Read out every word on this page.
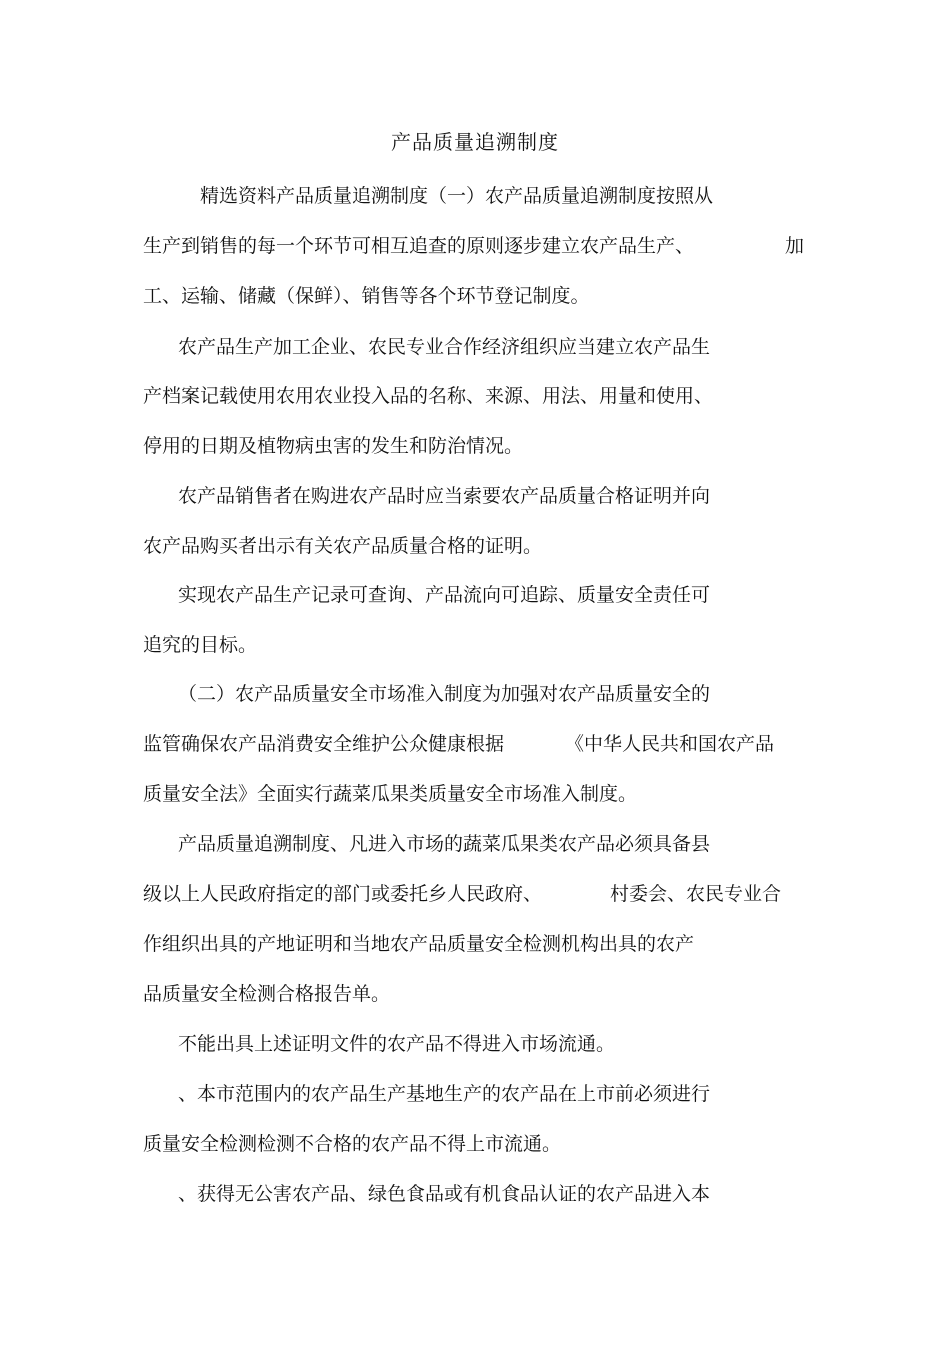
产品质量追溯制度
精选资料产品质量追溯制度（一）农产品质量追溯制度按照从
生产到销售的每一个环节可相互追查的原则逐步建立农产品生产、	加
工、运输、储藏（保鲜）、销售等各个环节登记制度。
农产品生产加工企业、农民专业合作经济组织应当建立农产品生
产档案记载使用农用农业投入品的名称、来源、用法、用量和使用、
停用的日期及植物病虫害的发生和防治情况。
农产品销售者在购进农产品时应当索要农产品质量合格证明并向
农产品购买者出示有关农产品质量合格的证明。
实现农产品生产记录可查询、产品流向可追踪、质量安全责任可
追究的目标。
（二）农产品质量安全市场准入制度为加强对农产品质量安全的
监管确保农产品消费安全维护公众健康根据	《中华人民共和国农产品
质量安全法》全面实行蔬菜瓜果类质量安全市场准入制度。
产品质量追溯制度、凡进入市场的蔬菜瓜果类农产品必须具备县
级以上人民政府指定的部门或委托乡人民政府、	村委会、农民专业合
作组织出具的产地证明和当地农产品质量安全检测机构出具的农产
品质量安全检测合格报告单。
不能出具上述证明文件的农产品不得进入市场流通。
、本市范围内的农产品生产基地生产的农产品在上市前必须进行
质量安全检测检测不合格的农产品不得上市流通。
、获得无公害农产品、绿色食品或有机食品认证的农产品进入本
